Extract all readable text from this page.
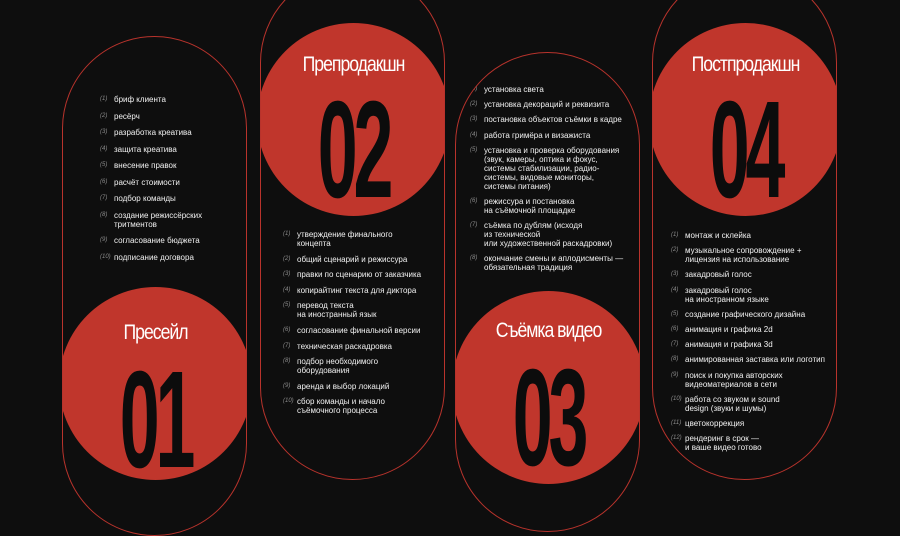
Пресейл
01
(1) бриф клиента
(2) ресёрч
(3) разработка креатива
(4) защита креатива
(5) внесение правок
(6) расчёт стоимости
(7) подбор команды
(8) создание режиссёрских
тритментов
(9) согласование бюджета
(10) подписание договора
Препродакшн
02
(1) утверждение финального
концепта
(2) общий сценарий и режиссура
(3) правки по сценарию от заказчика
(4) копирайтинг текста для диктора
(5) перевод текста
на иностранный язык
(6) согласование финальной версии
(7) техническая раскадровка
(8) подбор необходимого
оборудования
(9) аренда и выбор локаций
(10) сбор команды и начало
съёмочного процесса
Съёмка видео
03
(1) установка света
(2) установка декораций и реквизита
(3) постановка объектов съёмки в кадре
(4) работа гримёра и визажиста
(5) установка и проверка оборудования
(звук, камеры, оптика и фокус,
системы стабилизации, радио-
системы, видовые мониторы,
системы питания)
(6) режиссура и постановка
на съёмочной площадке
(7) съёмка по дублям (исходя
из технической
или художественной раскадровки)
(8) окончание смены и аплодисменты —
обязательная традиция
Постпродакшн
04
(1) монтаж и склейка
(2) музыкальное сопровождение +
лицензия на использование
(3) закадровый голос
(4) закадровый голос
на иностранном языке
(5) создание графического дизайна
(6) анимация и графика 2d
(7) анимация и графика 3d
(8) анимированная заставка или логотип
(9) поиск и покупка авторских
видеоматериалов в сети
(10) работа со звуком и sound
design (звуки и шумы)
(11) цветокоррекция
(12) рендеринг в срок —
и ваше видео готово
